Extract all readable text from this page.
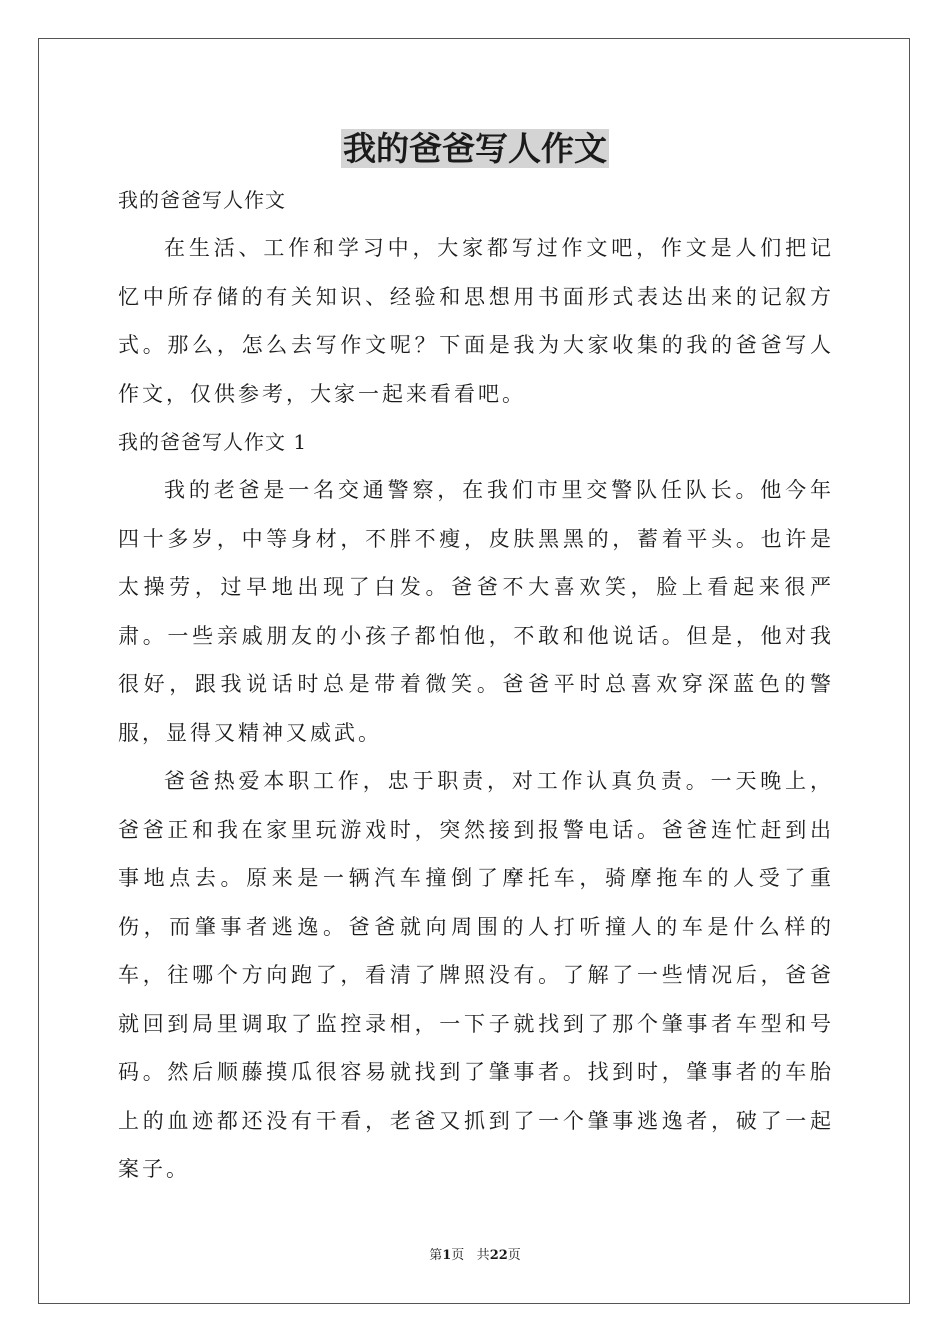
我的爸爸写人作文

我的爸爸写人作文

在生活、工作和学习中，大家都写过作文吧，作文是人们把记忆中所存储的有关知识、经验和思想用书面形式表达出来的记叙方式。那么，怎么去写作文呢？下面是我为大家收集的我的爸爸写人作文，仅供参考，大家一起来看看吧。

我的爸爸写人作文 1

我的老爸是一名交通警察，在我们市里交警队任队长。他今年四十多岁，中等身材，不胖不瘦，皮肤黑黑的，蓄着平头。也许是太操劳，过早地出现了白发。爸爸不大喜欢笑，脸上看起来很严肃。一些亲戚朋友的小孩子都怕他，不敢和他说话。但是，他对我很好，跟我说话时总是带着微笑。爸爸平时总喜欢穿深蓝色的警服，显得又精神又威武。

爸爸热爱本职工作，忠于职责，对工作认真负责。一天晚上，爸爸正和我在家里玩游戏时，突然接到报警电话。爸爸连忙赶到出事地点去。原来是一辆汽车撞倒了摩托车，骑摩拖车的人受了重伤，而肇事者逃逸。爸爸就向周围的人打听撞人的车是什么样的车，往哪个方向跑了，看清了牌照没有。了解了一些情况后，爸爸就回到局里调取了监控录相，一下子就找到了那个肇事者车型和号码。然后顺藤摸瓜很容易就找到了肇事者。找到时，肇事者的车胎上的血迹都还没有干看，老爸又抓到了一个肇事逃逸者，破了一起案子。

第1页 共22页
